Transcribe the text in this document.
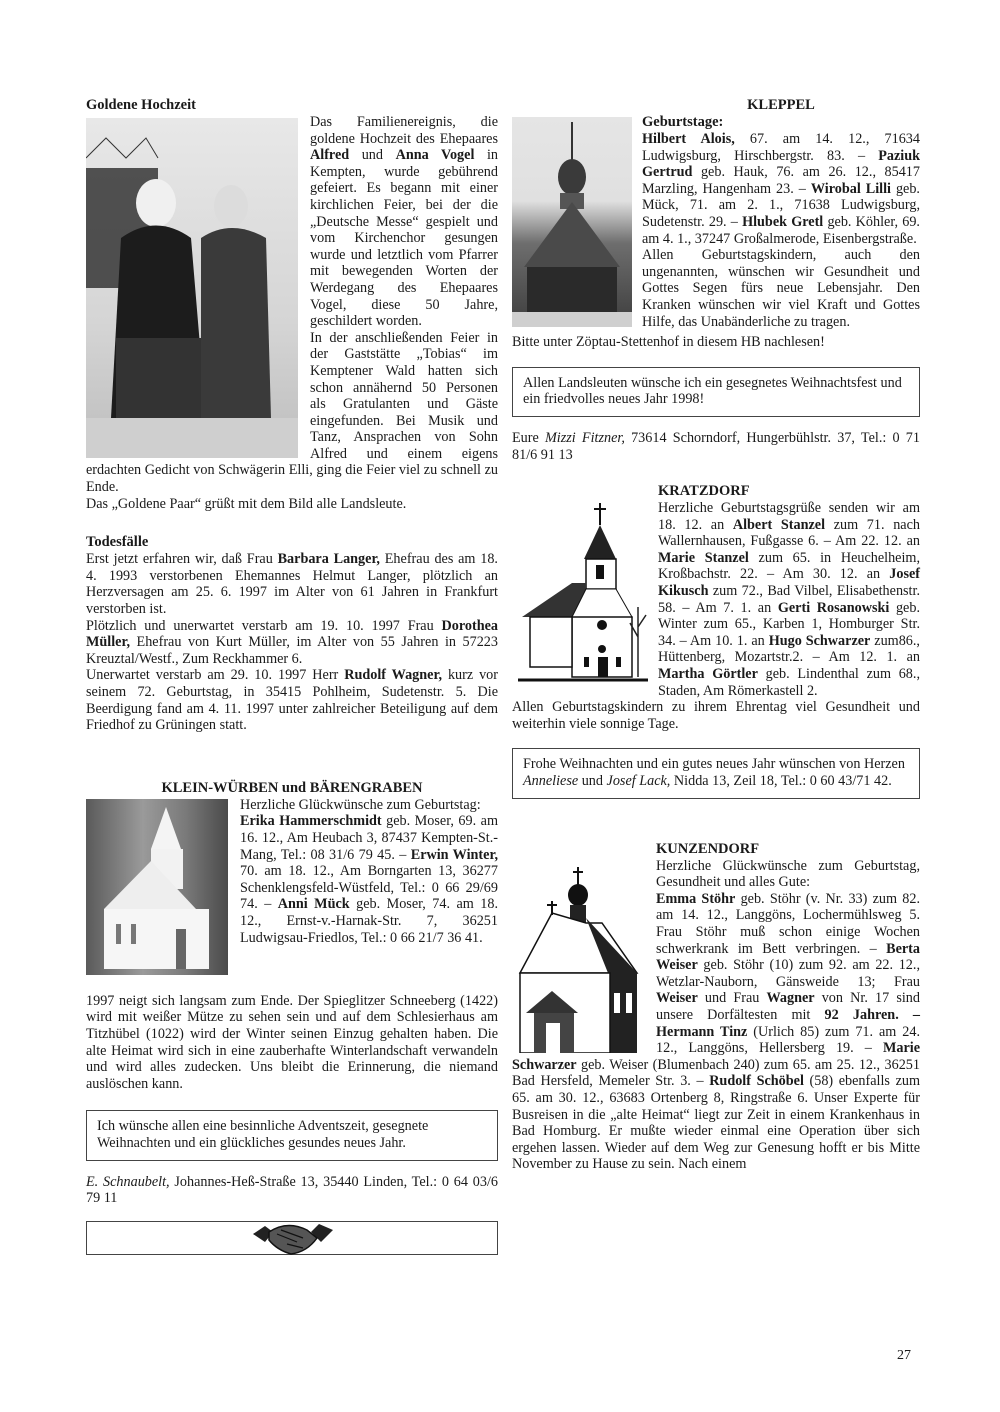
Goldene Hochzeit

Das Familienereignis, die goldene Hochzeit des Ehepaares Alfred und Anna Vogel in Kempten, wurde gebührend gefeiert. Es begann mit einer kirchlichen Feier, bei der die „Deutsche Messe“ gespielt und vom Kirchenchor gesungen wurde und letztlich vom Pfarrer mit bewegenden Worten der Werdegang des Ehepaares Vogel, diese 50 Jahre, geschildert worden.

In der anschließenden Feier in der Gaststätte „Tobias“ im Kemptener Wald hatten sich schon annähernd 50 Personen als Gratulanten und Gäste eingefunden. Bei Musik und Tanz, Ansprachen von Sohn Alfred und einem eigens erdachten Gedicht von Schwägerin Elli, ging die Feier viel zu schnell zu Ende.

Das „Goldene Paar“ grüßt mit dem Bild alle Landsleute.

Todesfälle

Erst jetzt erfahren wir, daß Frau Barbara Langer, Ehefrau des am 18. 4. 1993 verstorbenen Ehemannes Helmut Langer, plötzlich an Herzversagen am 25. 6. 1997 im Alter von 61 Jahren in Frankfurt verstorben ist.

Plötzlich und unerwartet verstarb am 19. 10. 1997 Frau Dorothea Müller, Ehefrau von Kurt Müller, im Alter von 55 Jahren in 57223 Kreuztal/Westf., Zum Reckhammer 6.

Unerwartet verstarb am 29. 10. 1997 Herr Rudolf Wagner, kurz vor seinem 72. Geburtstag, in 35415 Pohlheim, Sudetenstr. 5. Die Beerdigung fand am 4. 11. 1997 unter zahlreicher Beteiligung auf dem Friedhof zu Grüningen statt.

KLEIN-WÜRBEN und BÄRENGRABEN

Herzliche Glückwünsche zum Geburtstag:

Erika Hammerschmidt geb. Moser, 69. am 16. 12., Am Heubach 3, 87437 Kempten-St.-Mang, Tel.: 08 31/6 79 45. – Erwin Winter, 70. am 18. 12., Am Borngarten 13, 36277 Schenklengsfeld-Wüstfeld, Tel.: 0 66 29/69 74. – Anni Mück geb. Moser, 74. am 18. 12., Ernst-v.-Harnak-Str. 7, 36251 Ludwigsau-Friedlos, Tel.: 0 66 21/7 36 41.

1997 neigt sich langsam zum Ende. Der Spieglitzer Schneeberg (1422) wird mit weißer Mütze zu sehen sein und auf dem Schlesierhaus am Titzhübel (1022) wird der Winter seinen Einzug gehalten haben. Die alte Heimat wird sich in eine zauberhafte Winterlandschaft verwandeln und wird alles zudecken. Uns bleibt die Erinnerung, die niemand auslöschen kann.

Ich wünsche allen eine besinnliche Adventszeit, gesegnete Weihnachten und ein glückliches gesundes neues Jahr.

E. Schnaubelt, Johannes-Heß-Straße 13, 35440 Linden, Tel.: 0 64 03/6 79 11

KLEPPEL

Geburtstage:

Hilbert Alois, 67. am 14. 12., 71634 Ludwigsburg, Hirschbergstr. 83. – Paziuk Gertrud geb. Hauk, 76. am 26. 12., 85417 Marzling, Hangenham 23. – Wirobal Lilli geb. Mück, 71. am 2. 1., 71638 Ludwigsburg, Sudetenstr. 29. – Hlubek Gretl geb. Köhler, 69. am 4. 1., 37247 Großalmerode, Eisenbergstraße.

Allen Geburtstagskindern, auch den ungenannten, wünschen wir Gesundheit und Gottes Segen fürs neue Lebensjahr. Den Kranken wünschen wir viel Kraft und Gottes Hilfe, das Unabänderliche zu tragen.

Bitte unter Zöptau-Stettenhof in diesem HB nachlesen!

Allen Landsleuten wünsche ich ein gesegnetes Weihnachtsfest und ein friedvolles neues Jahr 1998!

Eure Mizzi Fitzner, 73614 Schorndorf, Hungerbühlstr. 37, Tel.: 0 71 81/6 91 13

KRATZDORF

Herzliche Geburtstagsgrüße senden wir am 18. 12. an Albert Stanzel zum 71. nach Wallernhausen, Fußgasse 6. – Am 22. 12. an Marie Stanzel zum 65. in Heuchelheim, Kroßbachstr. 22. – Am 30. 12. an Josef Kikusch zum 72., Bad Vilbel, Elisabethenstr. 58. – Am 7. 1. an Gerti Rosanowski geb. Winter zum 65., Karben 1, Homburger Str. 34. – Am 10. 1. an Hugo Schwarzer zum86., Hüttenberg, Mozartstr.2. – Am 12. 1. an Martha Görtler geb. Lindenthal zum 68., Staden, Am Römerkastell 2.

Allen Geburtstagskindern zu ihrem Ehrentag viel Gesundheit und weiterhin viele sonnige Tage.

Frohe Weihnachten und ein gutes neues Jahr wünschen von Herzen Anneliese und Josef Lack, Nidda 13, Zeil 18, Tel.: 0 60 43/71 42.

KUNZENDORF

Herzliche Glückwünsche zum Geburtstag, Gesundheit und alles Gute:

Emma Stöhr geb. Stöhr (v. Nr. 33) zum 82. am 14. 12., Langgöns, Lochermühlsweg 5. Frau Stöhr muß schon einige Wochen schwerkrank im Bett verbringen. – Berta Weiser geb. Stöhr (10) zum 92. am 22. 12., Wetzlar-Nauborn, Gänsweide 13; Frau Weiser und Frau Wagner von Nr. 17 sind unsere Dorfältesten mit 92 Jahren. – Hermann Tinz (Urlich 85) zum 71. am 24. 12., Langgöns, Hellersberg 19. – Marie Schwarzer geb. Weiser (Blumenbach 240) zum 65. am 25. 12., 36251 Bad Hersfeld, Memeler Str. 3. – Rudolf Schöbel (58) ebenfalls zum 65. am 30. 12., 63683 Ortenberg 8, Ringstraße 6. Unser Experte für Busreisen in die „alte Heimat“ liegt zur Zeit in einem Krankenhaus in Bad Homburg. Er mußte wieder einmal eine Operation über sich ergehen lassen. Wieder auf dem Weg zur Genesung hofft er bis Mitte November zu Hause zu sein. Nach einem

27
